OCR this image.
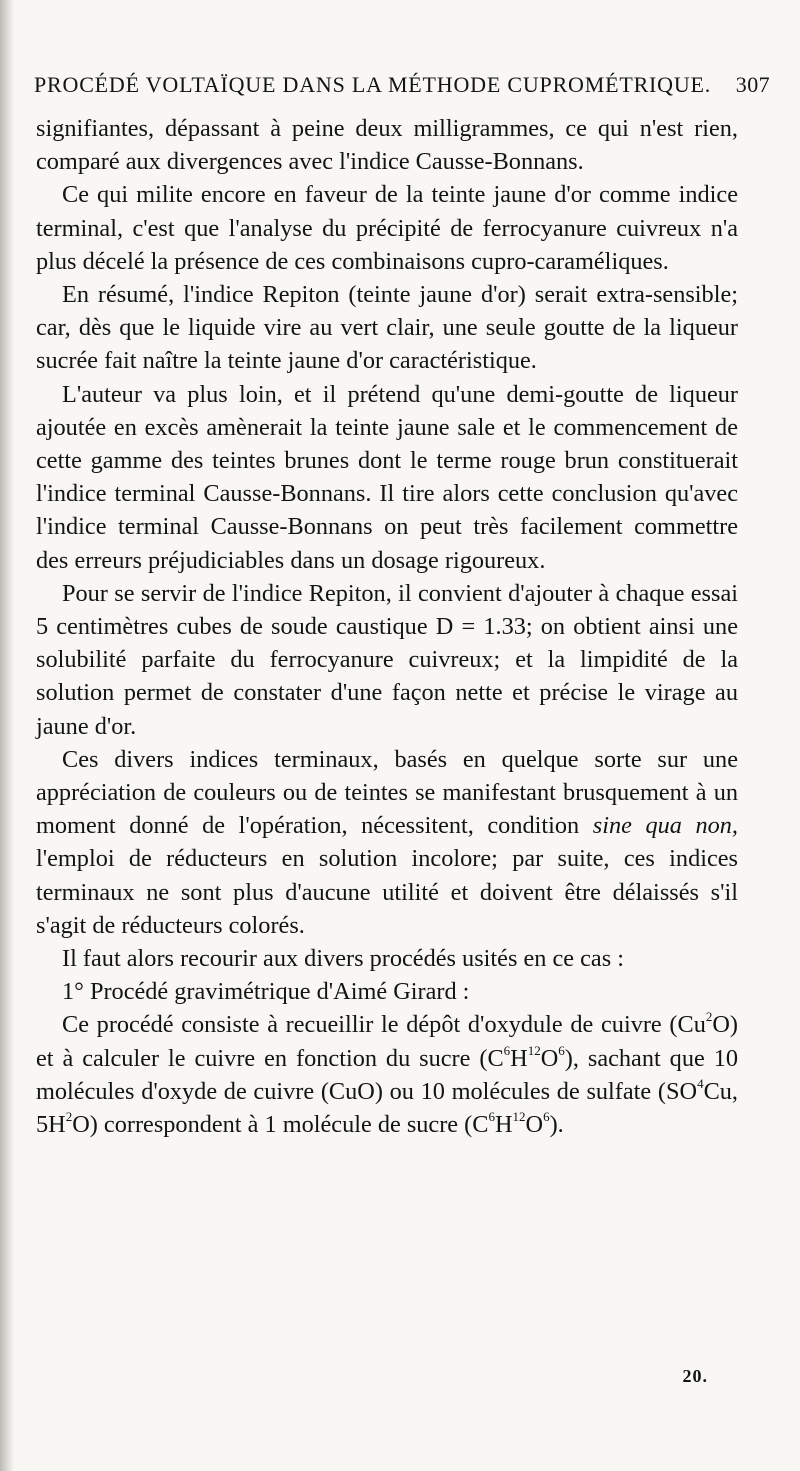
PROCÉDÉ VOLTAÏQUE DANS LA MÉTHODE CUPROMÉTRIQUE. 307

signifiantes, dépassant à peine deux milligrammes, ce qui n'est rien, comparé aux divergences avec l'indice Causse-Bonnans.

Ce qui milite encore en faveur de la teinte jaune d'or comme indice terminal, c'est que l'analyse du précipité de ferrocyanure cuivreux n'a plus décelé la présence de ces combinaisons cupro-caraméliques.

En résumé, l'indice Repiton (teinte jaune d'or) serait extra-sensible; car, dès que le liquide vire au vert clair, une seule goutte de la liqueur sucrée fait naître la teinte jaune d'or caractéristique.

L'auteur va plus loin, et il prétend qu'une demi-goutte de liqueur ajoutée en excès amènerait la teinte jaune sale et le commencement de cette gamme des teintes brunes dont le terme rouge brun constituerait l'indice terminal Causse-Bonnans. Il tire alors cette conclusion qu'avec l'indice terminal Causse-Bonnans on peut très facilement commettre des erreurs préjudiciables dans un dosage rigoureux.

Pour se servir de l'indice Repiton, il convient d'ajouter à chaque essai 5 centimètres cubes de soude caustique D = 1.33; on obtient ainsi une solubilité parfaite du ferrocyanure cuivreux; et la limpidité de la solution permet de constater d'une façon nette et précise le virage au jaune d'or.

Ces divers indices terminaux, basés en quelque sorte sur une appréciation de couleurs ou de teintes se manifestant brusquement à un moment donné de l'opération, nécessitent, condition sine qua non, l'emploi de réducteurs en solution incolore; par suite, ces indices terminaux ne sont plus d'aucune utilité et doivent être délaissés s'il s'agit de réducteurs colorés.

Il faut alors recourir aux divers procédés usités en ce cas :

1° Procédé gravimétrique d'Aimé Girard :

Ce procédé consiste à recueillir le dépôt d'oxydule de cuivre (Cu$^2$O) et à calculer le cuivre en fonction du sucre $(C^6H^{12}O^6)$, sachant que 10 molécules d'oxyde de cuivre (CuO) ou 10 molécules de sulfate ($SO^4Cu$, $5H^2O$) correspondent à 1 molécule de sucre $(C^6H^{12}O^6)$.

20.
